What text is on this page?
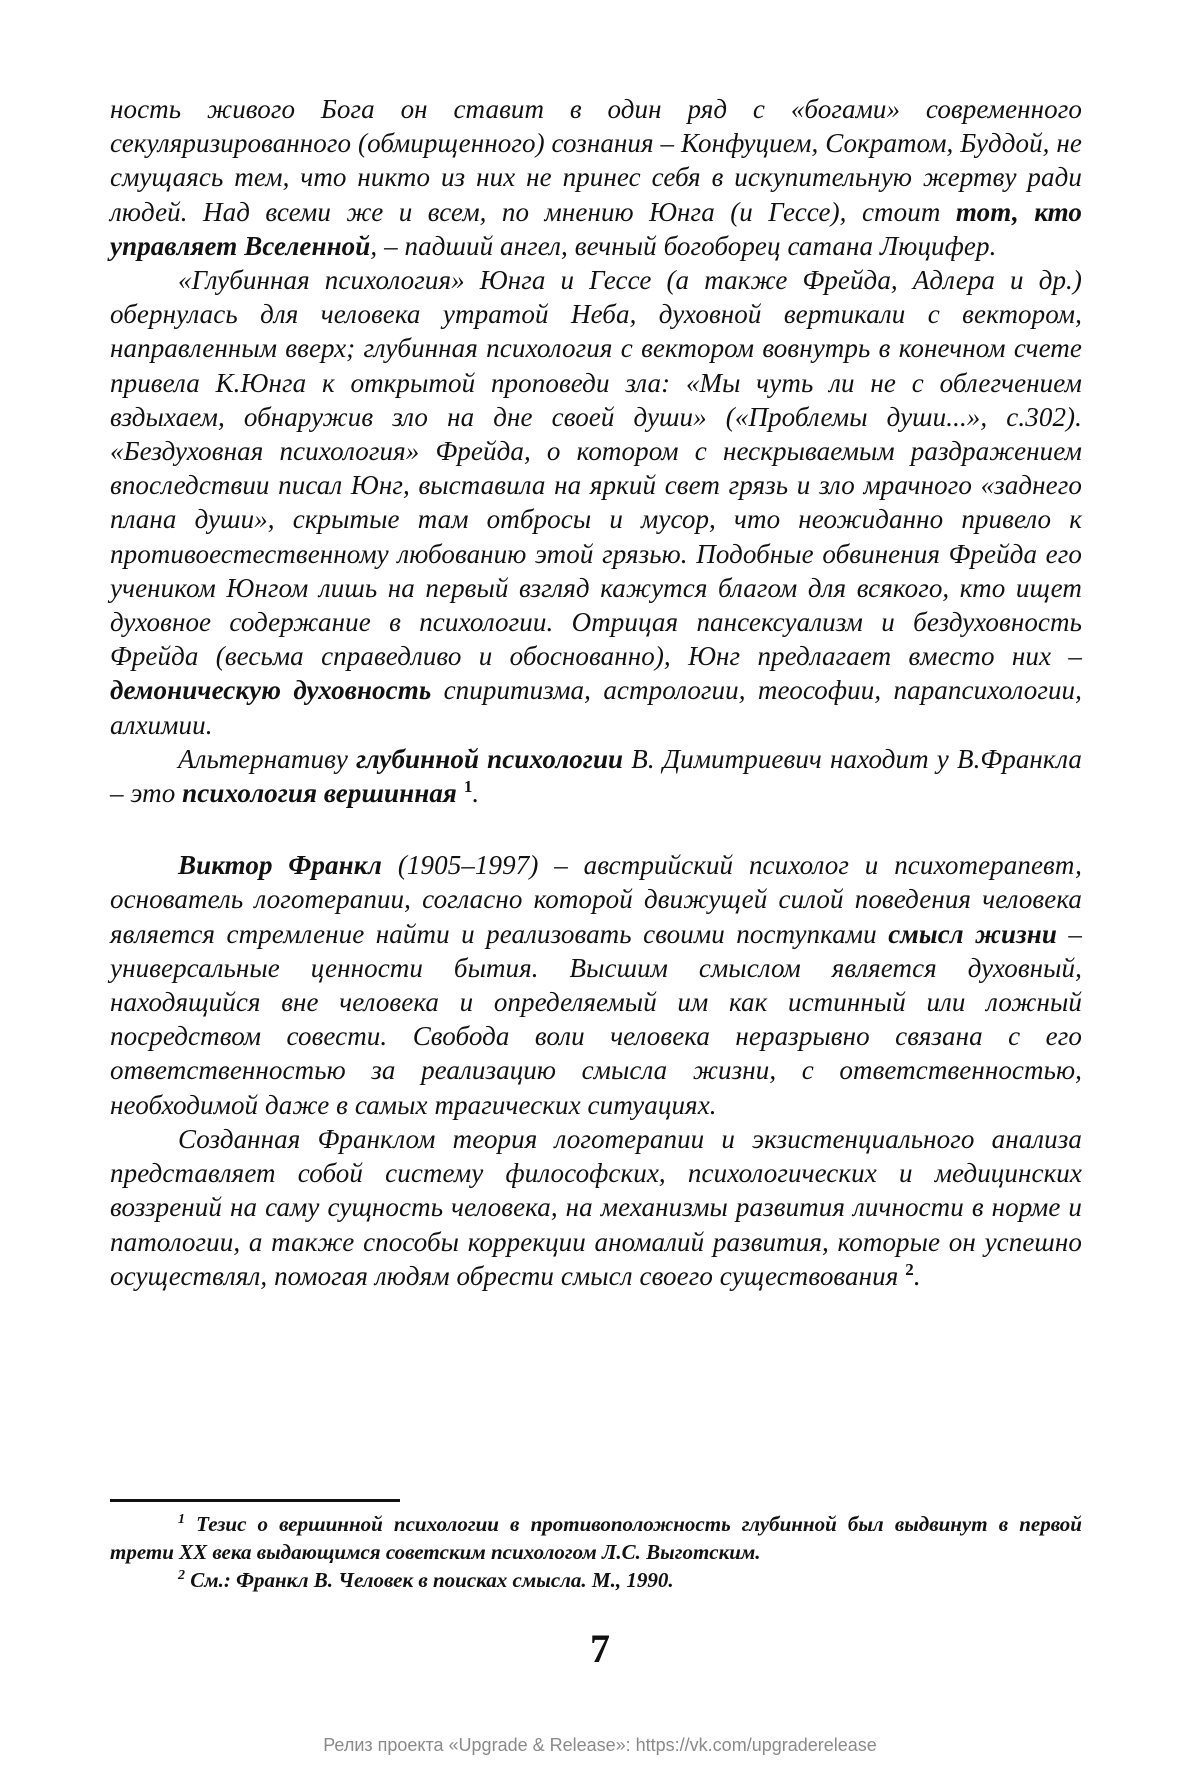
ность живого Бога он ставит в один ряд с «богами» современного секуляризированного (обмирщенного) сознания – Конфуцием, Сократом, Буддой, не смущаясь тем, что никто из них не принес себя в искупительную жертву ради людей. Над всеми же и всем, по мнению Юнга (и Гессе), стоит тот, кто управляет Вселенной, – падший ангел, вечный богоборец сатана Люцифер.

«Глубинная психология» Юнга и Гессе (а также Фрейда, Адлера и др.) обернулась для человека утратой Неба, духовной вертикали с вектором, направленным вверх; глубинная психология с вектором вовнутрь в конечном счете привела К.Юнга к открытой проповеди зла: «Мы чуть ли не с облегчением вздыхаем, обнаружив зло на дне своей души» («Проблемы души...», с.302). «Бездуховная психология» Фрейда, о котором с нескрываемым раздражением впоследствии писал Юнг, выставила на яркий свет грязь и зло мрачного «заднего плана души», скрытые там отбросы и мусор, что неожиданно привело к противоестественному любованию этой грязью. Подобные обвинения Фрейда его учеником Юнгом лишь на первый взгляд кажутся благом для всякого, кто ищет духовное содержание в психологии. Отрицая пансексуализм и бездуховность Фрейда (весьма справедливо и обоснованно), Юнг предлагает вместо них – демоническую духовность спиритизма, астрологии, теософии, парапсихологии, алхимии.

Альтернативу глубинной психологии В. Димитриевич находит у В.Франкла – это психология вершинная $^1$.

Виктор Франкл (1905–1997) – австрийский психолог и психотерапевт, основатель логотерапии, согласно которой движущей силой поведения человека является стремление найти и реализовать своими поступками смысл жизни – универсальные ценности бытия. Высшим смыслом является духовный, находящийся вне человека и определяемый им как истинный или ложный посредством совести. Свобода воли человека неразрывно связана с его ответственностью за реализацию смысла жизни, с ответственностью, необходимой даже в самых трагических ситуациях.

Созданная Франклом теория логотерапии и экзистенциального анализа представляет собой систему философских, психологических и медицинских воззрений на саму сущность человека, на механизмы развития личности в норме и патологии, а также способы коррекции аномалий развития, которые он успешно осуществлял, помогая людям обрести смысл своего существования $^2$.

$^1$ Тезис о вершинной психологии в противоположность глубинной был выдвинут в первой трети XX века выдающимся советским психологом Л.С. Выготским.

$^2$ См.: Франкл В. Человек в поисках смысла. М., 1990.

7
Релиз проекта «Upgrade & Release»: https://vk.com/upgraderelease
